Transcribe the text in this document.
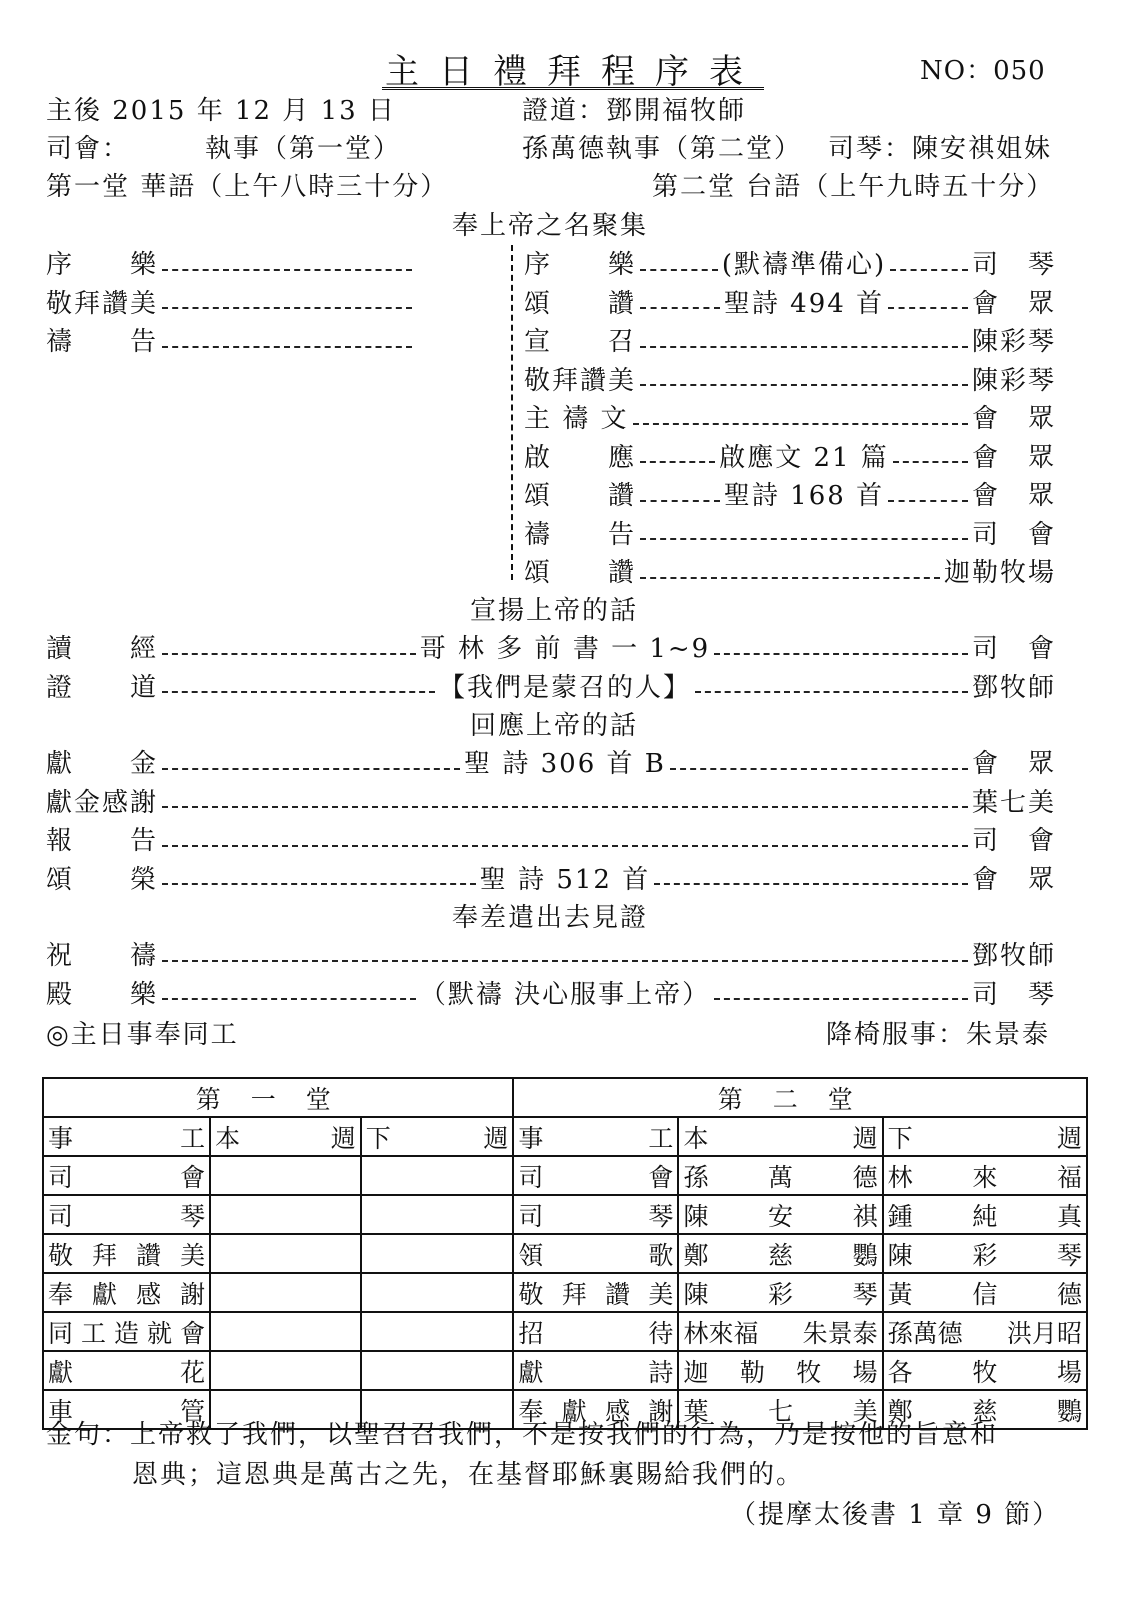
主日禮拜程序表	NO：050
主後 2015 年 12 月 13 日	證道：鄧開福牧師
司會：	執事（第一堂）	孫萬德執事（第二堂） 司琴：陳安祺姐妹
第一堂 華語（上午八時三十分）	第二堂 台語（上午九時五十分）
奉上帝之名聚集
序　　樂
敬拜讚美
禱　　告
序　　樂	(默禱準備心)	司　琴
頌　　讚	聖詩 494 首	會　眾
宣　　召	陳彩琴
敬拜讚美	陳彩琴
主 禱 文	會　眾
啟　　應	啟應文 21 篇	會　眾
頌　　讚	聖詩 168 首	會　眾
禱　　告	司　會
頌　　讚	迦勒牧場
宣揚上帝的話
讀　　經	哥 林 多 前 書 一 1~9	司　會
證　　道	【我們是蒙召的人】	鄧牧師
回應上帝的話
獻　　金	聖 詩 306 首 B	會　眾
獻金感謝	葉七美
報　　告	司　會
頌　　榮	聖 詩 512 首	會　眾
奉差遣出去見證
祝　　禱	鄧牧師
殿　　樂	（默禱 決心服事上帝）	司　琴
◎主日事奉同工	降椅服事：朱景泰
第一堂			第二堂		

事 工	本 週	下 週	事 工	本 週	下 週

司 會			司 會	孫 萬 德	林 來 福

司 琴			司 琴	陳 安 祺	鍾 純 真

敬 拜 讚 美			領 歌	鄭 慈 鸚	陳 彩 琴

奉 獻 感 謝			敬 拜 讚 美	陳 彩 琴	黃 信 德

同 工 造 就 會			招 待	林來福 朱景泰	孫萬德 洪月昭

獻 花			獻 詩	迦 勒 牧 場	各 牧 場

車 管			奉 獻 感 謝	葉 七 美	鄭 慈 鸚
金句：上帝救了我們，以聖召召我們，不是按我們的行為，乃是按他的旨意和
恩典；這恩典是萬古之先，在基督耶穌裏賜給我們的。
（提摩太後書 1 章 9 節）
